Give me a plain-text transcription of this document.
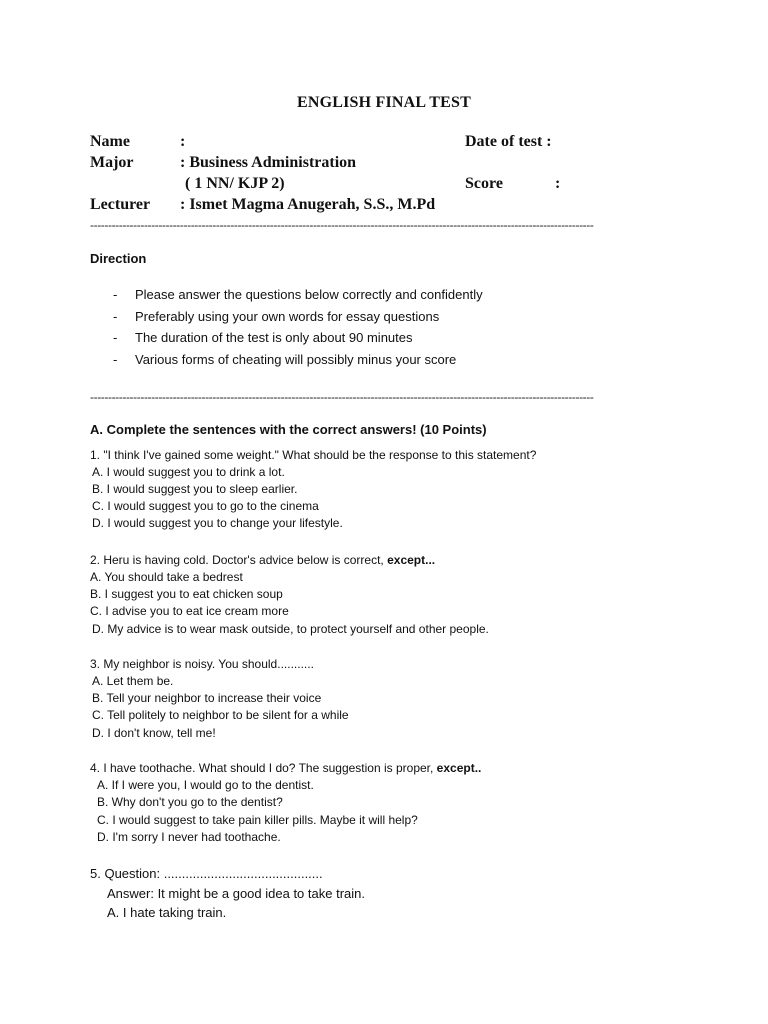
ENGLISH FINAL TEST
Name	:	Date of test :
Major	: Business Administration
( 1 NN/ KJP 2)	Score	:
Lecturer : Ismet Magma Anugerah, S.S., M.Pd
--------------------------------------------------------------------------------------------------------------------------------------------
Direction
- Please answer the questions below correctly and confidently
- Preferably using your own words for essay questions
- The duration of the test is only about 90 minutes
- Various forms of cheating will possibly minus your score
--------------------------------------------------------------------------------------------------------------------------------------------
A. Complete the sentences with the correct answers! (10 Points)
1. "I think I've gained some weight." What should be the response to this statement?
A. I would suggest you to drink a lot.
B. I would suggest you to sleep earlier.
C. I would suggest you to go to the cinema
D. I would suggest you to change your lifestyle.
2. Heru is having cold. Doctor's advice below is correct, except...
A. You should take a bedrest
B. I suggest you to eat chicken soup
C. I advise you to eat ice cream more
D. My advice is to wear mask outside, to protect yourself and other people.
3. My neighbor is noisy. You should...........
A. Let them be.
B. Tell your neighbor to increase their voice
C. Tell politely to neighbor to be silent for a while
D. I don't know, tell me!
4. I have toothache. What should I do? The suggestion is proper, except..
A. If I were you, I would go to the dentist.
B. Why don't you go to the dentist?
C. I would suggest to take pain killer pills. Maybe it will help?
D. I'm sorry I never had toothache.
5. Question: ............................................
Answer: It might be a good idea to take train.
A. I hate taking train.
